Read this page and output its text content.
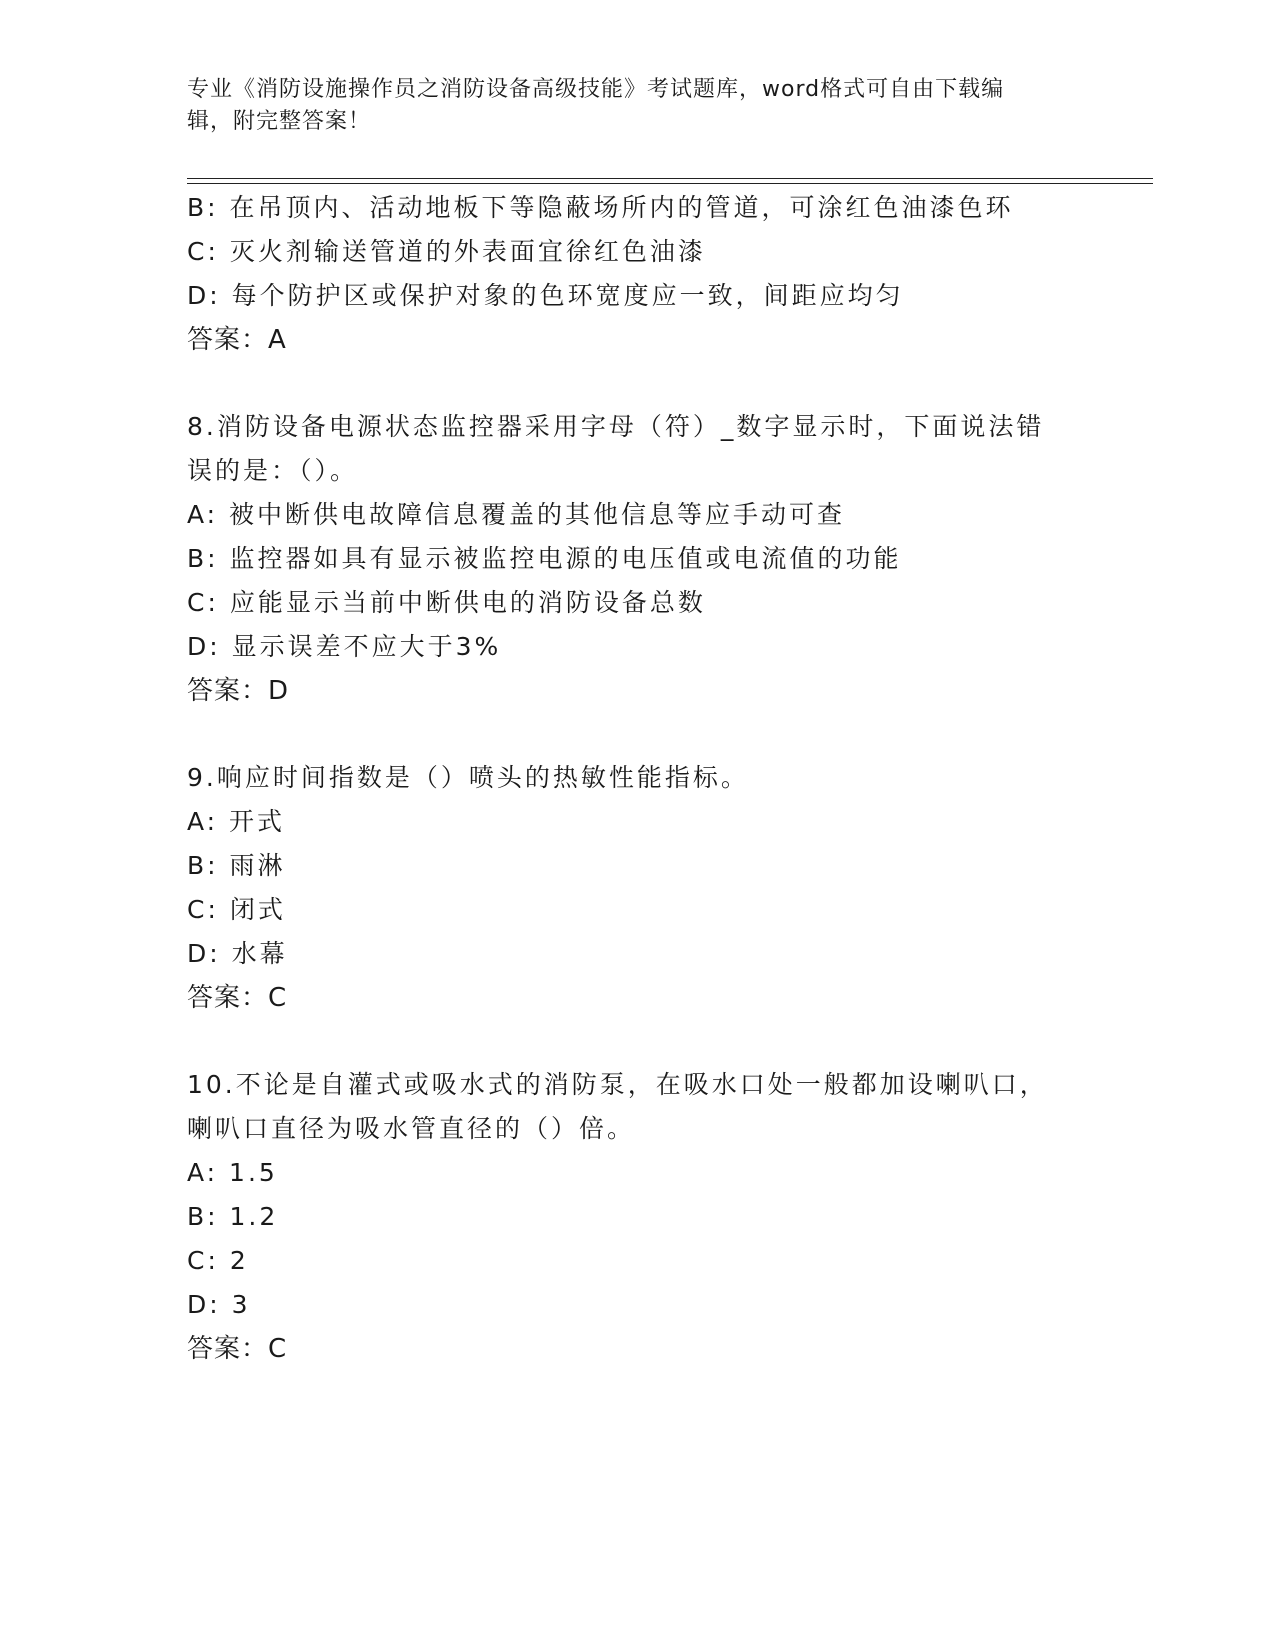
专业《消防设施操作员之消防设备高级技能》考试题库，word格式可自由下载编
辑，附完整答案！
B: 在吊顶内、活动地板下等隐蔽场所内的管道，可涂红色油漆色环
C: 灭火剂输送管道的外表面宜徐红色油漆
D: 每个防护区或保护对象的色环宽度应一致，间距应均匀
答案：A
8.消防设备电源状态监控器采用字母（符）_数字显示时，下面说法错
误的是：（）。
A: 被中断供电故障信息覆盖的其他信息等应手动可查
B: 监控器如具有显示被监控电源的电压值或电流值的功能
C: 应能显示当前中断供电的消防设备总数
D: 显示误差不应大于3%
答案：D
9.响应时间指数是（）喷头的热敏性能指标。
A: 开式
B: 雨淋
C: 闭式
D: 水幕
答案：C
10.不论是自灌式或吸水式的消防泵，在吸水口处一般都加设喇叭口，
喇叭口直径为吸水管直径的（）倍。
A: 1.5
B: 1.2
C: 2
D: 3
答案：C
